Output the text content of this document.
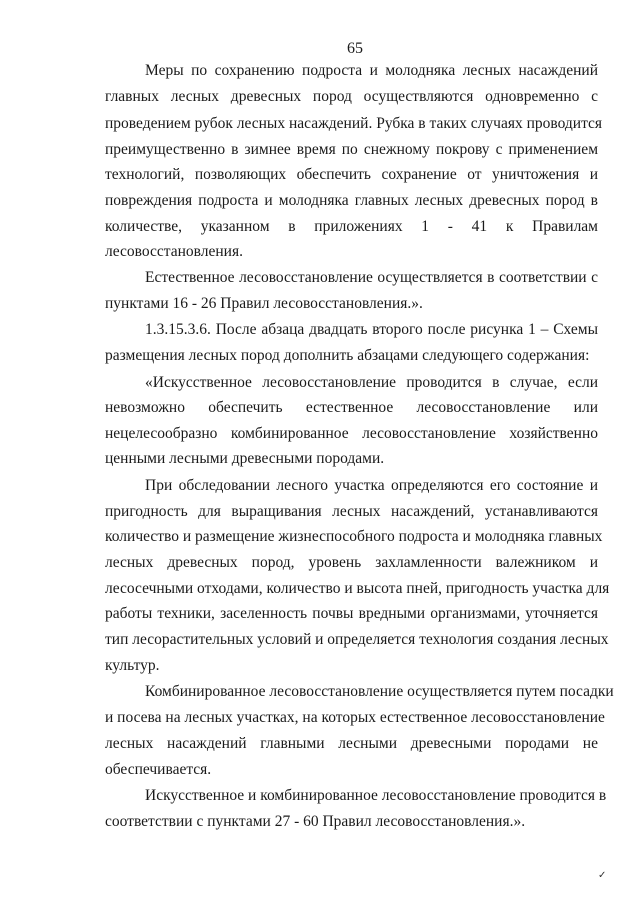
65
Меры по сохранению подроста и молодняка лесных насаждений
главных лесных древесных пород осуществляются одновременно с
проведением рубок лесных насаждений. Рубка в таких случаях проводится
преимущественно в зимнее время по снежному покрову с применением
технологий, позволяющих обеспечить сохранение от уничтожения и
повреждения подроста и молодняка главных лесных древесных пород в
количестве, указанном в приложениях 1 - 41 к Правилам
лесовосстановления.
Естественное лесовосстановление осуществляется в соответствии с
пунктами 16 - 26 Правил лесовосстановления.».
1.3.15.3.6. После абзаца двадцать второго после рисунка 1 – Схемы
размещения лесных пород дополнить абзацами следующего содержания:
«Искусственное лесовосстановление проводится в случае, если
невозможно обеспечить естественное лесовосстановление или
нецелесообразно комбинированное лесовосстановление хозяйственно
ценными лесными древесными породами.
При обследовании лесного участка определяются его состояние и
пригодность для выращивания лесных насаждений, устанавливаются
количество и размещение жизнеспособного подроста и молодняка главных
лесных древесных пород, уровень захламленности валежником и
лесосечными отходами, количество и высота пней, пригодность участка для
работы техники, заселенность почвы вредными организмами, уточняется
тип лесорастительных условий и определяется технология создания лесных
культур.
Комбинированное лесовосстановление осуществляется путем посадки
и посева на лесных участках, на которых естественное лесовосстановление
лесных насаждений главными лесными древесными породами не
обеспечивается.
Искусственное и комбинированное лесовосстановление проводится в
соответствии с пунктами 27 - 60 Правил лесовосстановления.».
✓
